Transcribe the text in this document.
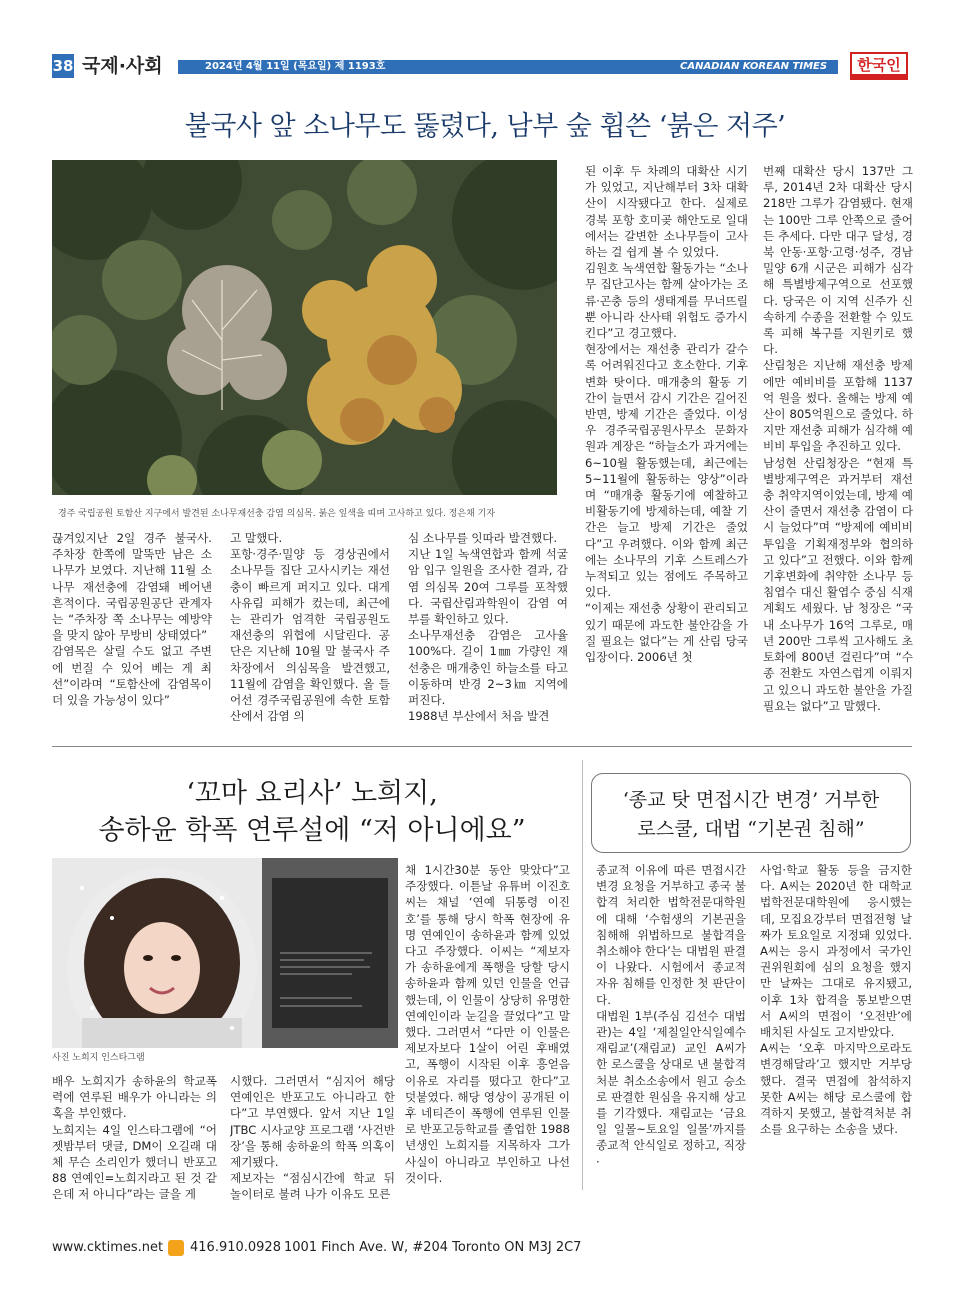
38 국제·사회	2024년 4월 11일 (목요일) 제 1193호	CANADIAN KOREAN TIMES	한국인
불국사 앞 소나무도 뚫렸다, 남부 숲 휩쓴 ‘붉은 저주’
경주 국립공원 토함산 지구에서 발견된 소나무재선충 감염 의심목. 붉은 잎색을 띠며 고사하고 있다. 정은채 기자
끊겨있지난 2일 경주 불국사. 주차장 한쪽에 말뚝만 남은 소나무가 보였다. 지난해 11월 소나무 재선충에 감염돼 베어낸 흔적이다. 국립공원공단 관계자는 “주차장 쪽 소나무는 예방약을 맞지 않아 무방비 상태였다”
감염목은 살릴 수도 없고 주변에 번질 수 있어 베는 게 최선”이라며 “토함산에 감염목이 더 있을 가능성이 있다”
고 말했다.
포항·경주·밀양 등 경상권에서 소나무들 집단 고사시키는 재선충이 빠르게 퍼지고 있다. 대게 사유림 피해가 컸는데, 최근에는 관리가 엄격한 국립공원도 재선충의 위협에 시달린다. 공단은 지난해 10월 말 불국사 주차장에서 의심목을 발견했고, 11월에 감염을 확인했다. 올 들어선 경주국립공원에 속한 토함산에서 감염 의
심 소나무를 잇따라 발견했다.
지난 1일 녹색연합과 함께 석굴암 입구 일원을 조사한 결과, 감염 의심목 20여 그루를 포착했다. 국립산림과학원이 감염 여부를 확인하고 있다.
소나무재선충 감염은 고사율 100%다. 길이 1㎜ 가량인 재선충은 매개충인 하늘소를 타고 이동하며 반경 2~3㎞ 지역에 퍼진다.
1988년 부산에서 처음 발견
된 이후 두 차례의 대확산 시기가 있었고, 지난해부터 3차 대확산이 시작됐다고 한다. 실제로 경북 포항 호미곶 해안도로 일대에서는 갈변한 소나무들이 고사하는 걸 쉽게 볼 수 있었다.
김원호 녹색연합 활동가는 “소나무 집단고사는 함께 살아가는 조류·곤충 등의 생태계를 무너뜨릴 뿐 아니라 산사태 위험도 증가시킨다”고 경고했다.
현장에서는 재선충 관리가 갈수록 어려워진다고 호소한다. 기후변화 탓이다. 매개충의 활동 기간이 늘면서 감시 기간은 길어진 반면, 방제 기간은 줄었다. 이성우 경주국립공원사무소 문화자원과 계장은 “하늘소가 과거에는 6~10월 활동했는데, 최근에는 5~11월에 활동하는 양상”이라며 “매개충 활동기에 예찰하고 비활동기에 방제하는데, 예찰 기간은 늘고 방제 기간은 줄었다”고 우려했다. 이와 함께 최근에는 소나무의 기후 스트레스가 누적되고 있는 점에도 주목하고 있다.
“이제는 재선충 상황이 관리되고 있기 때문에 과도한 불안감을 가질 필요는 없다”는 게 산림 당국 입장이다. 2006년 첫
번째 대확산 당시 137만 그루, 2014년 2차 대확산 당시 218만 그루가 감염됐다. 현재는 100만 그루 안쪽으로 줄어든 추세다. 다만 대구 달성, 경북 안동·포항·고령·성주, 경남 밀양 6개 시군은 피해가 심각해 특별방제구역으로 선포했다. 당국은 이 지역 신주가 신속하게 수종을 전환할 수 있도록 피해 복구를 지원키로 했다.
산림청은 지난해 재선충 방제에만 예비비를 포함해 1137억 원을 썼다. 올해는 방제 예산이 805억원으로 줄었다. 하지만 재선충 피해가 심각해 예비비 투입을 추진하고 있다.
남성현 산림청장은 “현재 특별방제구역은 과거부터 재선충 취약지역이었는데, 방제 예산이 줄면서 재선충 감염이 다시 늘었다”며 “방제에 예비비 투입을 기획재정부와 협의하고 있다”고 전했다. 이와 함께 기후변화에 취약한 소나무 등 침엽수 대신 활엽수 중심 식재 계획도 세웠다. 남 청장은 “국내 소나무가 16억 그루로, 매년 200만 그루씩 고사해도 초토화에 800년 걸린다”며 “수종 전환도 자연스럽게 이뤄지고 있으니 과도한 불안을 가질 필요는 없다”고 말했다.
‘꼬마 요리사’ 노희지,
송하윤 학폭 연루설에 “저 아니에요”
사진 노희지 인스타그램
채 1시간30분 동안 맞았다”고 주장했다. 이튿날 유튜버 이진호씨는 채널 ‘연예 뒤통령 이진호’를 통해 당시 학폭 현장에 유명 연예인이 송하윤과 함께 있었다고 주장했다. 이씨는 “제보자가 송하윤에게 폭행을 당할 당시 송하윤과 함께 있던 인물을 언급했는데, 이 인물이 상당히 유명한 연예인이라 눈길을 끌었다”고 말했다. 그러면서 “다만 이 인물은 제보자보다 1살이 어린 후배였고, 폭행이 시작된 이후 흥얻음 이유로 자리를 떴다고 한다”고 덧붙였다. 해당 영상이 공개된 이후 네티즌이 폭행에 연루된 인물로 반포고등학교를 졸업한 1988년생인 노희지를 지목하자 그가 사실이 아니라고 부인하고 나선 것이다.
배우 노희지가 송하윤의 학교폭력에 연루된 배우가 아니라는 의혹을 부인했다.
노희지는 4일 인스타그램에 “어젯밤부터 댓글, DM이 오길래 대체 무슨 소리인가 했더니 반포고 88 연예인=노희지라고 된 것 같은데 저 아니다”라는 글을 게
시했다. 그러면서 “심지어 해당 연예인은 반포고도 아니라고 한다”고 부연했다. 앞서 지난 1일 JTBC 시사교양 프로그램 ‘사건반장’을 통해 송하윤의 학폭 의혹이 제기됐다.
제보자는 “점심시간에 학교 뒤 놀이터로 불려 나가 이유도 모른
‘종교 탓 면접시간 변경’ 거부한
로스쿨, 대법 “기본권 침해”
종교적 이유에 따른 면접시간 변경 요청을 거부하고 종국 불합격 처리한 법학전문대학원에 대해 ‘수험생의 기본권을 침해해 위법하므로 불합격을 취소해야 한다’는 대법원 판결이 나왔다. 시험에서 종교적 자유 침해를 인정한 첫 판단이다.
대법원 1부(주심 김선수 대법관)는 4일 ‘제칠일안식일예수재림교’(재림교) 교인 A씨가 한 로스쿨을 상대로 낸 불합격처분 취소소송에서 원고 승소로 판결한 원심을 유지해 상고를 기각했다. 재림교는 ‘금요일 일몰~토요일 일몰’까지를 종교적 안식일로 정하고, 직장·
사업·학교 활동 등을 금지한다. A씨는 2020년 한 대학교 법학전문대학원에 응시했는데, 모집요강부터 면접전형 날짜가 토요일로 지정돼 있었다. A씨는 응시 과정에서 국가인권위원회에 심의 요청을 했지만 날짜는 그대로 유지됐고, 이후 1차 합격을 통보받으면서 A씨의 면접이 ‘오전반’에 배치된 사실도 고지받았다.
A씨는 ‘오후 마지막으로라도 변경해달라’고 했지만 거부당했다. 결국 면접에 참석하지 못한 A씨는 해당 로스쿨에 합격하지 못했고, 불합격처분 취소를 요구하는 소송을 냈다.
www.cktimes.net 416.910.0928 1001 Finch Ave. W, #204 Toronto ON M3J 2C7
